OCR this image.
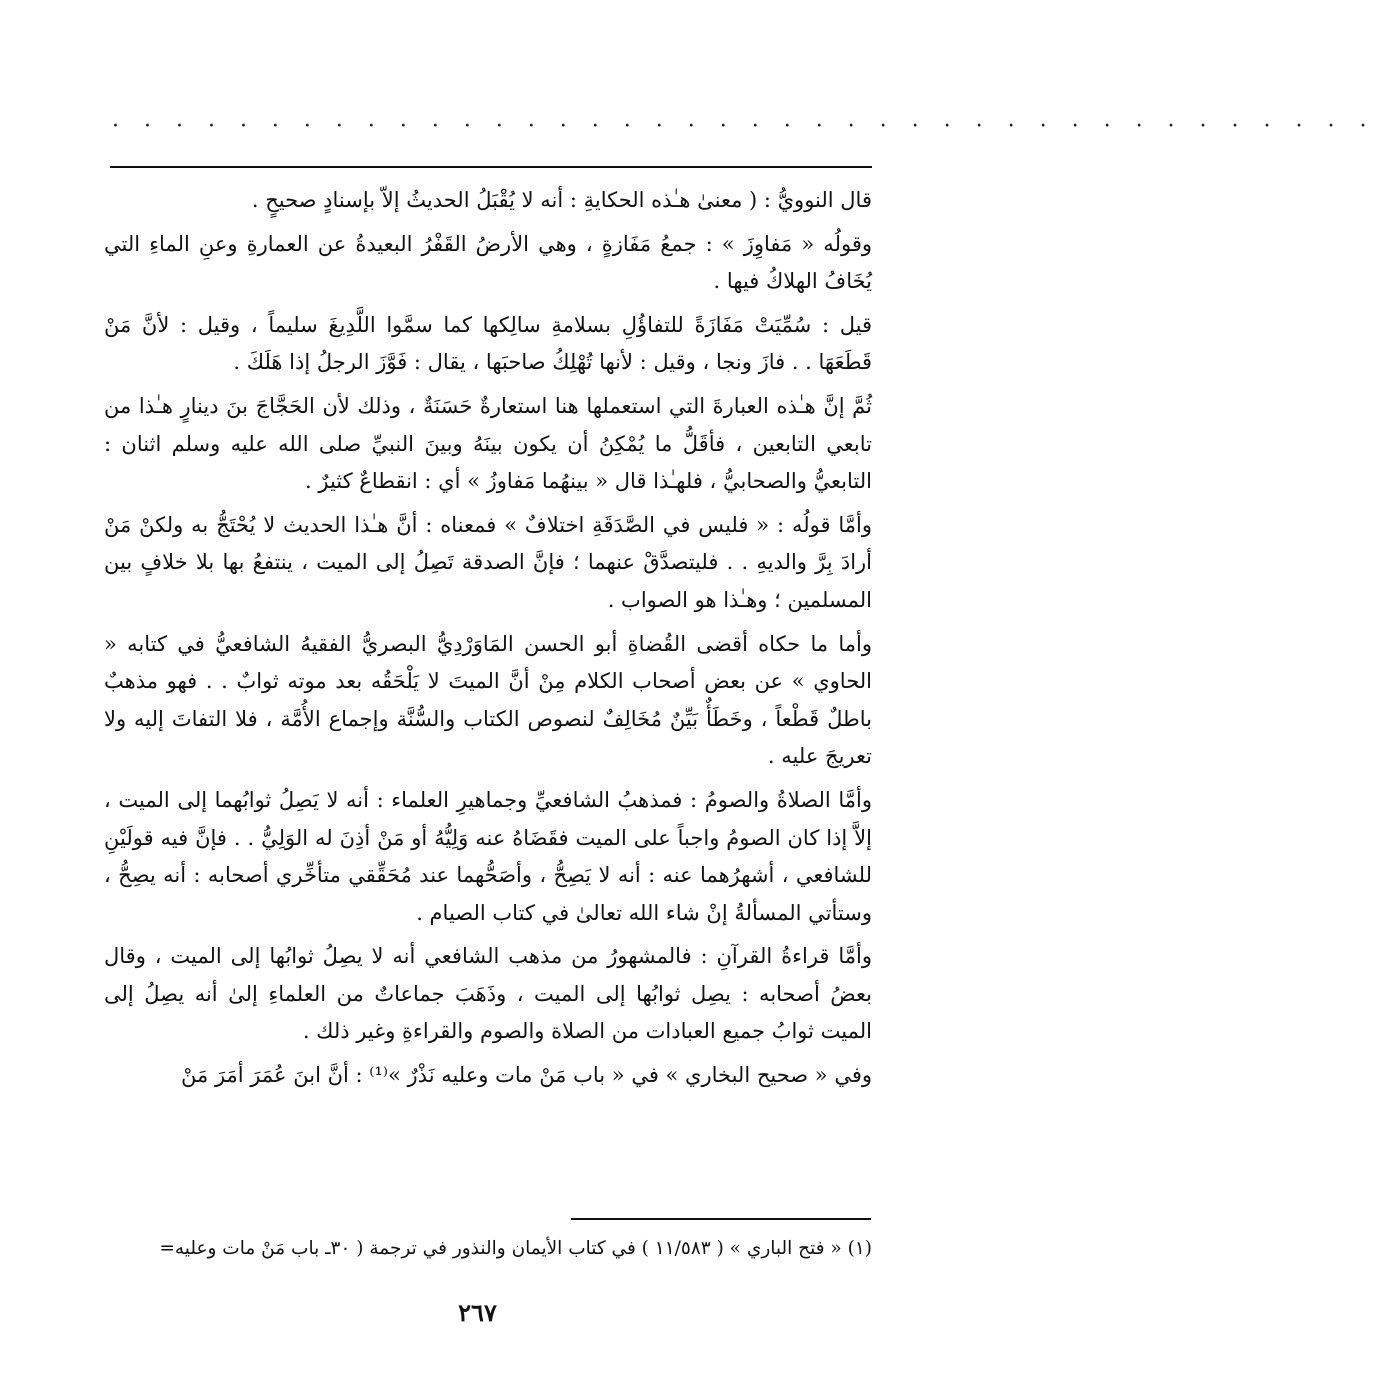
· · · · · · · · · · · · · · · · · · · · · · · · · · · · · · · · · · · · · · · ·

قال النوويُّ : ( معنىٰ هـٰذه الحكايةِ : أنه لا يُقْبَلُ الحديثُ إلاّ بإسنادٍ صحيحٍ .

وقولُه « مَفاوِزَ » : جمعُ مَفَازةٍ ، وهي الأرضُ القَفْرُ البعيدةُ عن العمارةِ وعنِ الماءِ التي يُخَافُ الهلاكُ فيها .

قيل : سُمِّيَتْ مَفَازَةً للتفاؤُلِ بسلامةِ سالِكها كما سمَّوا اللَّدِيغَ سليماً ، وقيل : لأنَّ مَنْ قَطَعَهَا . . فازَ ونجا ، وقيل : لأنها تُهْلِكُ صاحبَها ، يقال : فَوَّزَ الرجلُ إذا هَلَكَ .

ثُمَّ إنَّ هـٰذه العبارةَ التي استعملها هنا استعارةٌ حَسَنَةٌ ، وذلك لأن الحَجَّاجَ بنَ دينارٍ هـٰذا من تابعي التابعين ، فأقَلُّ ما يُمْكِنُ أن يكون بينَهُ وبينَ النبيِّ صلى الله عليه وسلم اثنان : التابعيُّ والصحابيُّ ، فلهـٰذا قال « بينهُما مَفاوزُ » أي : انقطاعٌ كثيرٌ .

وأمَّا قولُه : « فليس في الصَّدَقَةِ اختلافٌ » فمعناه : أنَّ هـٰذا الحديث لا يُحْتَجُّ به ولكنْ مَنْ أرادَ بِرَّ والديهِ . . فليتصدَّقْ عنهما ؛ فإنَّ الصدقة تَصِلُ إلى الميت ، ينتفعُ بها بلا خلافٍ بين المسلمين ؛ وهـٰذا هو الصواب .

وأما ما حكاه أقضى القُضاةِ أبو الحسن المَاوَرْدِيُّ البصريُّ الفقيهُ الشافعيُّ في كتابه « الحاوي » عن بعض أصحاب الكلام مِنْ أنَّ الميتَ لا يَلْحَقُه بعد موته ثوابٌ . . فهو مذهبٌ باطلٌ قَطْعاً ، وخَطَأٌ بَيِّنٌ مُخَالِفٌ لنصوص الكتاب والسُّنَّة وإجماع الأُمَّة ، فلا التفاتَ إليه ولا تعريجَ عليه .

وأمَّا الصلاةُ والصومُ : فمذهبُ الشافعيِّ وجماهيرِ العلماء : أنه لا يَصِلُ ثوابُهما إلى الميت ، إلاَّ إذا كان الصومُ واجباً على الميت فقَضَاهُ عنه وَلِيُّهُ أو مَنْ أذِنَ له الوَلِيُّ . . فإنَّ فيه قولَيْنِ للشافعي ، أشهرُهما عنه : أنه لا يَصِحُّ ، وأصَحُّهما عند مُحَقِّقي متأخِّري أصحابه : أنه يصِحُّ ، وستأتي المسألةُ إنْ شاء الله تعالىٰ في كتاب الصيام .

وأمَّا قراءةُ القرآنِ : فالمشهورُ من مذهب الشافعي أنه لا يصِلُ ثوابُها إلى الميت ، وقال بعضُ أصحابه : يصِل ثوابُها إلى الميت ، وذَهَبَ جماعاتٌ من العلماءِ إلىٰ أنه يصِلُ إلى الميت ثوابُ جميع العبادات من الصلاة والصوم والقراءةِ وغير ذلك .

وفي « صحيح البخاري » في « باب مَنْ مات وعليه نَذْرٌ »⁽¹⁾ : أنَّ ابنَ عُمَرَ أمَرَ مَنْ

(١) « فتح الباري » ( ١١/٥٨٣ ) في كتاب الأيمان والنذور في ترجمة ( ٣٠ـ باب مَنْ مات وعليه=
٢٦٧
